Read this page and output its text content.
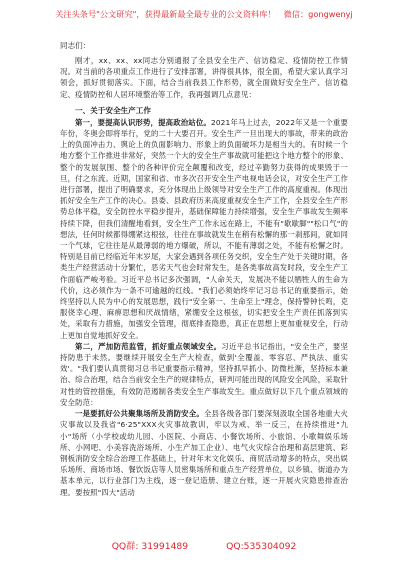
关注头条号"公文研究"，获得最新最全最专业的公文资料库！ 微信：gongwenyj
同志们：

刚才，xx、xx、xx同志分别通报了全县安全生产、信访稳定、疫情防控工作情况。对当前的各项重点工作进行了安排部署，讲得很具体，很全面，希望大家认真学习领会，抓好贯彻落实。下面，结合当前我县工作形势，就全面做好安全生产、信访稳定、疫情防控和人居环境整治等工作，我再强调几点意见：

一、关于安全生产工作

第一，要提高认识形势，提高政治站位。2021年马上过去，2022年又是一个重要年份，冬奥会即将举行，党的二十大要召开。安全生产一旦出现大的事故，带来的政治上的负面冲击力、舆论上的负面影响力、形象上的负面破坏力是相当大的。有时候一个地方整个工作推进非常好，突然一个大的安全生产事故就可能把这个地方整个的形象、整个的发展氛围、整个的各种评价完全颠覆和改变，经过辛勤努力获得的成果毁于一旦，付之东流。近期，国家和省、市多次召开安全生产电视电话会议，对安全生产工作进行部署，提出了明确要求，充分体现出上级领导对安全生产工作的高度重视。体现出抓好安全生产工作的决心。县委、县政府历来高度重视安全生产工作，全县安全生产形势总体平稳，安全防控水平稳步提升，基础保障能力持续增强，安全生产事故发生频率持续下降，但我们清醒地看到，安全生产工作永远在路上，不能有"歇歇脚""松口气"的想法，任何时候都得绷紧这根弦，往往在事故就发生在稍有松懈的那一刹那间，就如同一个气球，它往往是从最薄弱的地方爆破，所以，不能有薄弱之处，不能有松懈之时。特别是目前已经临近年末岁尾，大家会遇到各项任务交织，安全生产处于关键时期，各类生产经营活动十分繁忙，恶劣天气也会时常发生，是各类事故高发时段，安全生产工作面临严峻考验。习近平总书记多次强调，"人命关天，发展决不能以牺牲人的生命为代价，这必须作为一条不可逾越的红线。"我们必须始终牢记习总书记的重要指示，始终坚持以人民为中心的发展思想，践行"安全第一、生命至上"理念，保持警钟长鸣，克服侥幸心理、麻痹思想和厌战情绪，紧绷安全这根弦，切实把安全生产责任抓落到实处，采取有力措施，加强安全管理，彻底排查隐患，真正在思想上更加重视安全，行动上更加自觉地抓好安全。

第二，严加防范监管，抓好重点领域安全。习近平总书记指出，"安全生产，要坚持防患于未然。要继续开展安全生产大检查，做到'全覆盖、零容忍、严执法、重实效'。"我们要认真贯彻习总书记重要指示精神，坚持抓早抓小、防微杜渐，坚持标本兼治、综合治理，结合当前安全生产的规律特点，研判可能出现的风险安全风险，采取针对性的管控措施，有效防范遏制各类安全生产事故发生。重点做好以下几个重点领域的安全防范：

一是要抓好公共聚集场所及消防安全。全县各级各部门要深刻汲取全国各地重大火灾事故以及我省"6·25"XXX火灾事故教训，牢以为戒、举一反三，在持续推进"九小"场所（小学校或幼儿园、小医院、小商店、小餐饮场所、小旅馆、小歌舞娱乐场所、小网吧、小美容洗浴场所、小生产加工企业）、电气火灾综合治理和高层建筑、彩钢板消防安全综合治理工作基础上，针对年末文化娱乐、商贸活动增多的特点，突出娱乐场所、商场市场、餐饮饭店等人员密集场所和重点生产经营单位，以乡镇、街道办为基本单元，以行业部门为主线，逐一登记造册、建立台账，逐一开展火灾隐患排查治理。要按照"四大"活动

QQ群: 31991489	QQ:535304092
